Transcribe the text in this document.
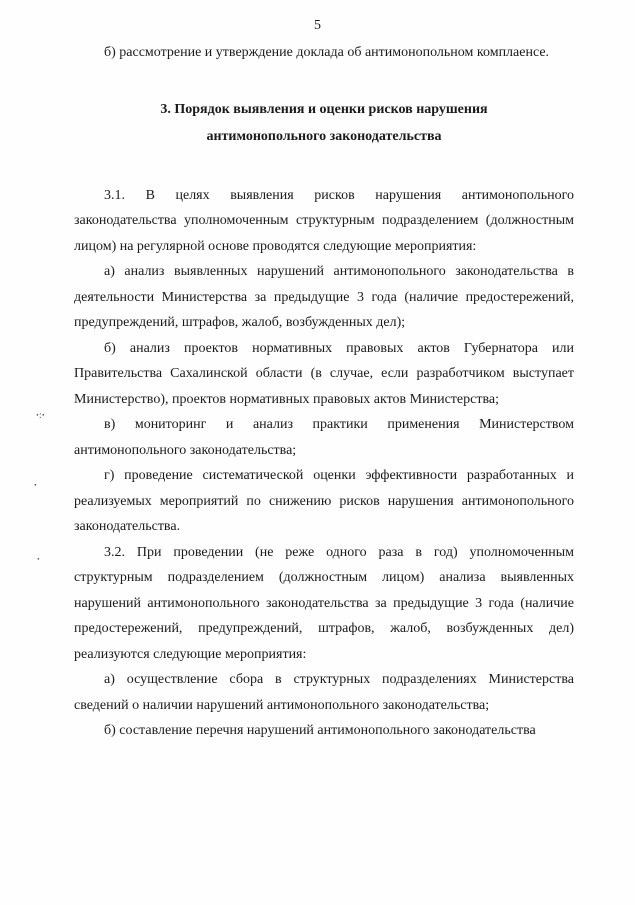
5
ꞏ:ꞏ
ꞏ
ꞏ

б) рассмотрение и утверждение доклада об антимонопольном комплаенсе.

3. Порядок выявления и оценки рисков нарушения антимонопольного законодательства

3.1. В целях выявления рисков нарушения антимонопольного законодательства уполномоченным структурным подразделением (должностным лицом) на регулярной основе проводятся следующие мероприятия:

а) анализ выявленных нарушений антимонопольного законодательства в деятельности Министерства за предыдущие 3 года (наличие предостережений, предупреждений, штрафов, жалоб, возбужденных дел);

б) анализ проектов нормативных правовых актов Губернатора или Правительства Сахалинской области (в случае, если разработчиком выступает Министерство), проектов нормативных правовых актов Министерства;

в) мониторинг и анализ практики применения Министерством антимонопольного законодательства;

г) проведение систематической оценки эффективности разработанных и реализуемых мероприятий по снижению рисков нарушения антимонопольного законодательства.

3.2. При проведении (не реже одного раза в год) уполномоченным структурным подразделением (должностным лицом) анализа выявленных нарушений антимонопольного законодательства за предыдущие 3 года (наличие предостережений, предупреждений, штрафов, жалоб, возбужденных дел) реализуются следующие мероприятия:

а) осуществление сбора в структурных подразделениях Министерства сведений о наличии нарушений антимонопольного законодательства;

б) составление перечня нарушений антимонопольного законодательства
